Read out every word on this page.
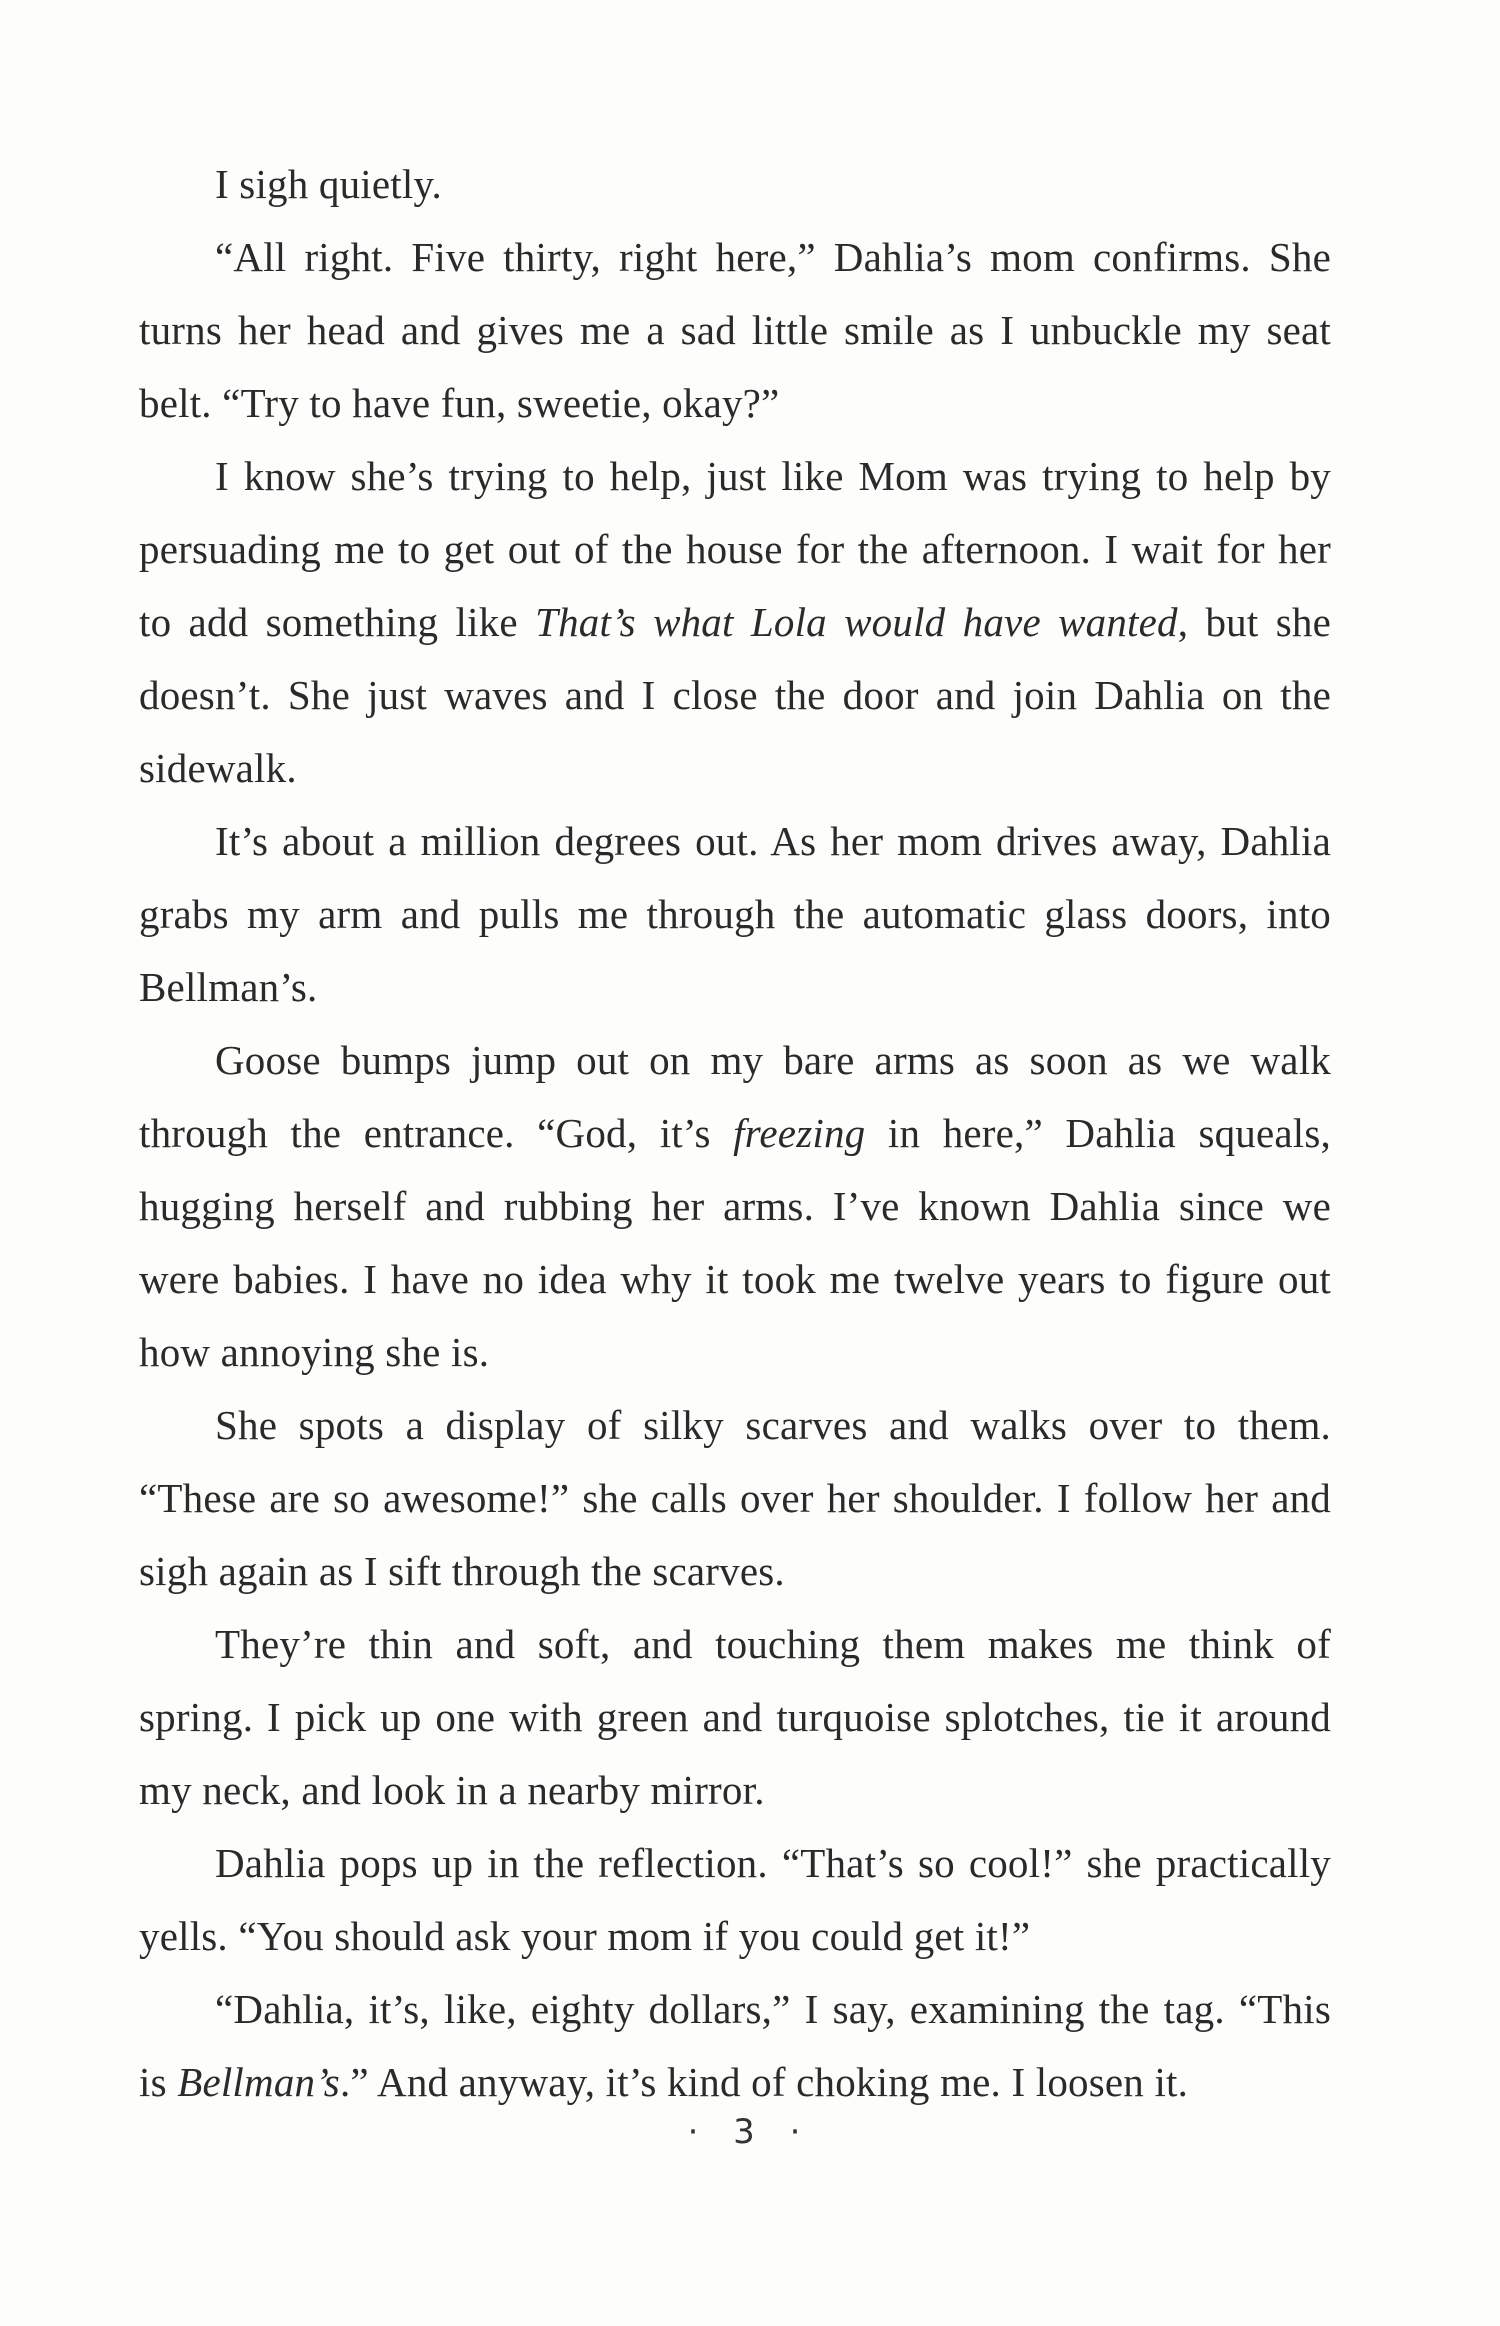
I sigh quietly.

“All right. Five thirty, right here,” Dahlia’s mom confirms. She turns her head and gives me a sad little smile as I unbuckle my seat belt. “Try to have fun, sweetie, okay?”

I know she’s trying to help, just like Mom was trying to help by persuading me to get out of the house for the afternoon. I wait for her to add something like That’s what Lola would have wanted, but she doesn’t. She just waves and I close the door and join Dahlia on the sidewalk.

It’s about a million degrees out. As her mom drives away, Dahlia grabs my arm and pulls me through the automatic glass doors, into Bellman’s.

Goose bumps jump out on my bare arms as soon as we walk through the entrance. “God, it’s freezing in here,” Dahlia squeals, hugging herself and rubbing her arms. I’ve known Dahlia since we were babies. I have no idea why it took me twelve years to figure out how annoying she is.

She spots a display of silky scarves and walks over to them. “These are so awesome!” she calls over her shoulder. I follow her and sigh again as I sift through the scarves.

They’re thin and soft, and touching them makes me think of spring. I pick up one with green and turquoise splotches, tie it around my neck, and look in a nearby mirror.

Dahlia pops up in the reflection. “That’s so cool!” she practically yells. “You should ask your mom if you could get it!”

“Dahlia, it’s, like, eighty dollars,” I say, examining the tag. “This is Bellman’s.” And anyway, it’s kind of choking me. I loosen it.

· 3 ·
